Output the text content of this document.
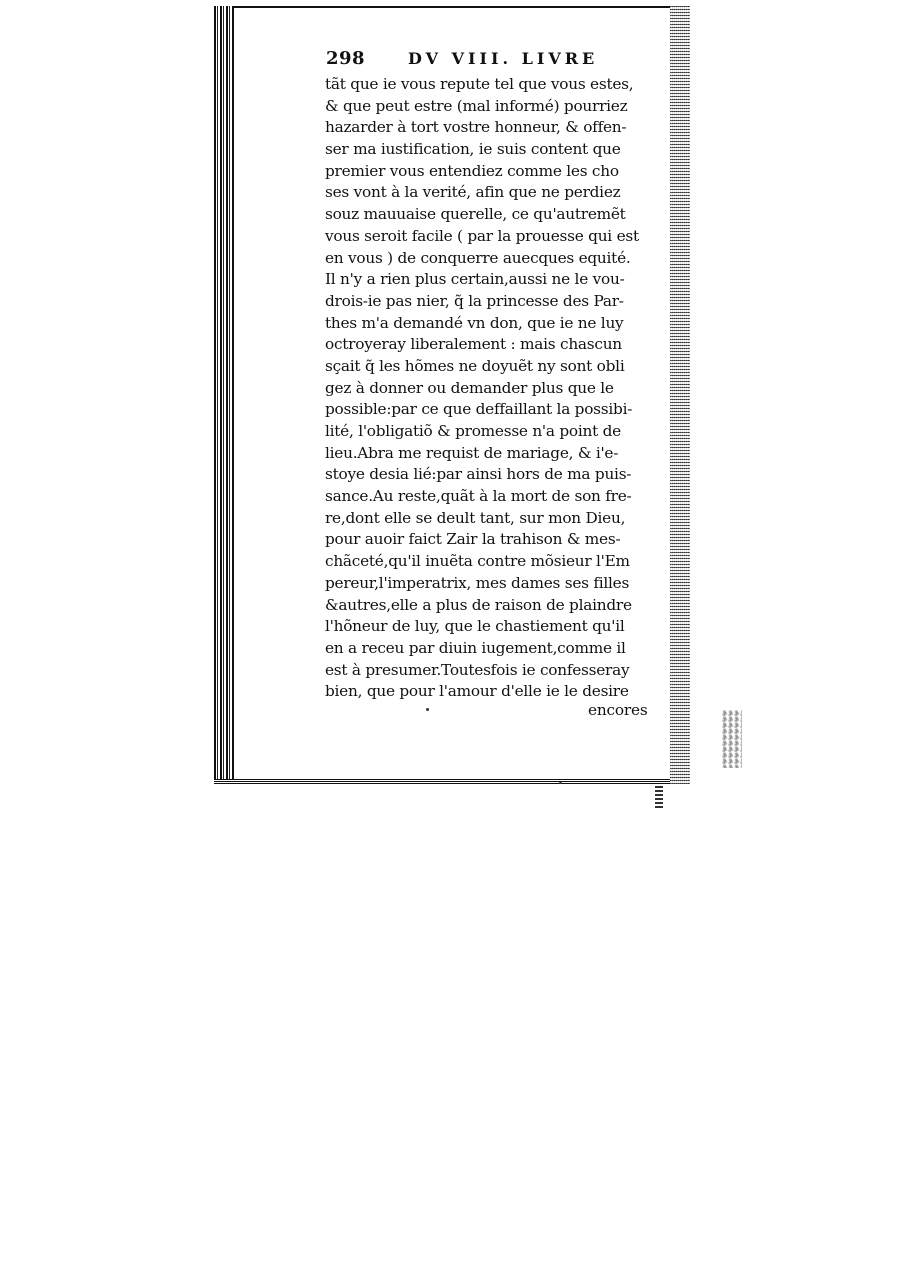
298	DV VIII. LIVRE
tãt que ie vous repute tel que vous estes,
& que peut estre (mal informé) pourriez
hazarder à tort vostre honneur, & offen-
ser ma iustification, ie suis content que
premier vous entendiez comme les cho
ses vont à la verité, afin que ne perdiez
souz mauuaise querelle, ce qu'autremẽt
vous seroit facile ( par la prouesse qui est
en vous ) de conquerre auecques equité.
Il n'y a rien plus certain,aussi ne le vou-
drois-ie pas nier, q̃ la princesse des Par-
thes m'a demandé vn don, que ie ne luy
octroyeray liberalement : mais chascun
sçait q̃ les hõmes ne doyuẽt ny sont obli
gez à donner ou demander plus que le
possible:par ce que deffaillant la possibi-
lité, l'obligatiõ & promesse n'a point de
lieu.Abra me requist de mariage, & i'e-
stoye desia lié:par ainsi hors de ma puis-
sance.Au reste,quãt à la mort de son fre-
re,dont elle se deult tant, sur mon Dieu,
pour auoir faict Zair la trahison & mes-
chãceté,qu'il inuẽta contre mõsieur l'Em
pereur,l'imperatrix, mes dames ses filles
&autres,elle a plus de raison de plaindre
l'hõneur de luy, que le chastiement qu'il
en a receu par diuin iugement,comme il
est à presumer.Toutesfois ie confesseray
bien, que pour l'amour d'elle ie le desire
encores
